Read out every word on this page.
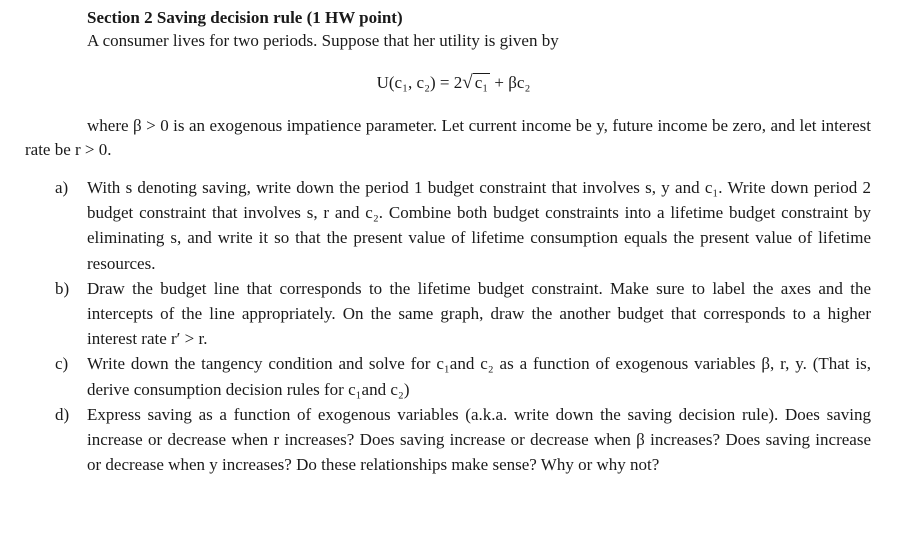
Section 2 Saving decision rule (1 HW point)
A consumer lives for two periods. Suppose that her utility is given by
U(c₁, c₂) = 2√ c₁ + βc₂
where β > 0 is an exogenous impatience parameter. Let current income be y, future income be zero, and let interest rate be r > 0.
a)	With s denoting saving, write down the period 1 budget constraint that involves s, y and c₁. Write down period 2 budget constraint that involves s, r and c₂. Combine both budget constraints into a lifetime budget constraint by eliminating s, and write it so that the present value of lifetime consumption equals the present value of lifetime resources.
b)	Draw the budget line that corresponds to the lifetime budget constraint. Make sure to label the axes and the intercepts of the line appropriately. On the same graph, draw the another budget that corresponds to a higher interest rate r′ > r.
c)	Write down the tangency condition and solve for c₁and c₂ as a function of exogenous variables β, r, y. (That is, derive consumption decision rules for c₁and c₂)
d)	Express saving as a function of exogenous variables (a.k.a. write down the saving decision rule). Does saving increase or decrease when r increases? Does saving increase or decrease when β increases? Does saving increase or decrease when y increases? Do these relationships make sense? Why or why not?
